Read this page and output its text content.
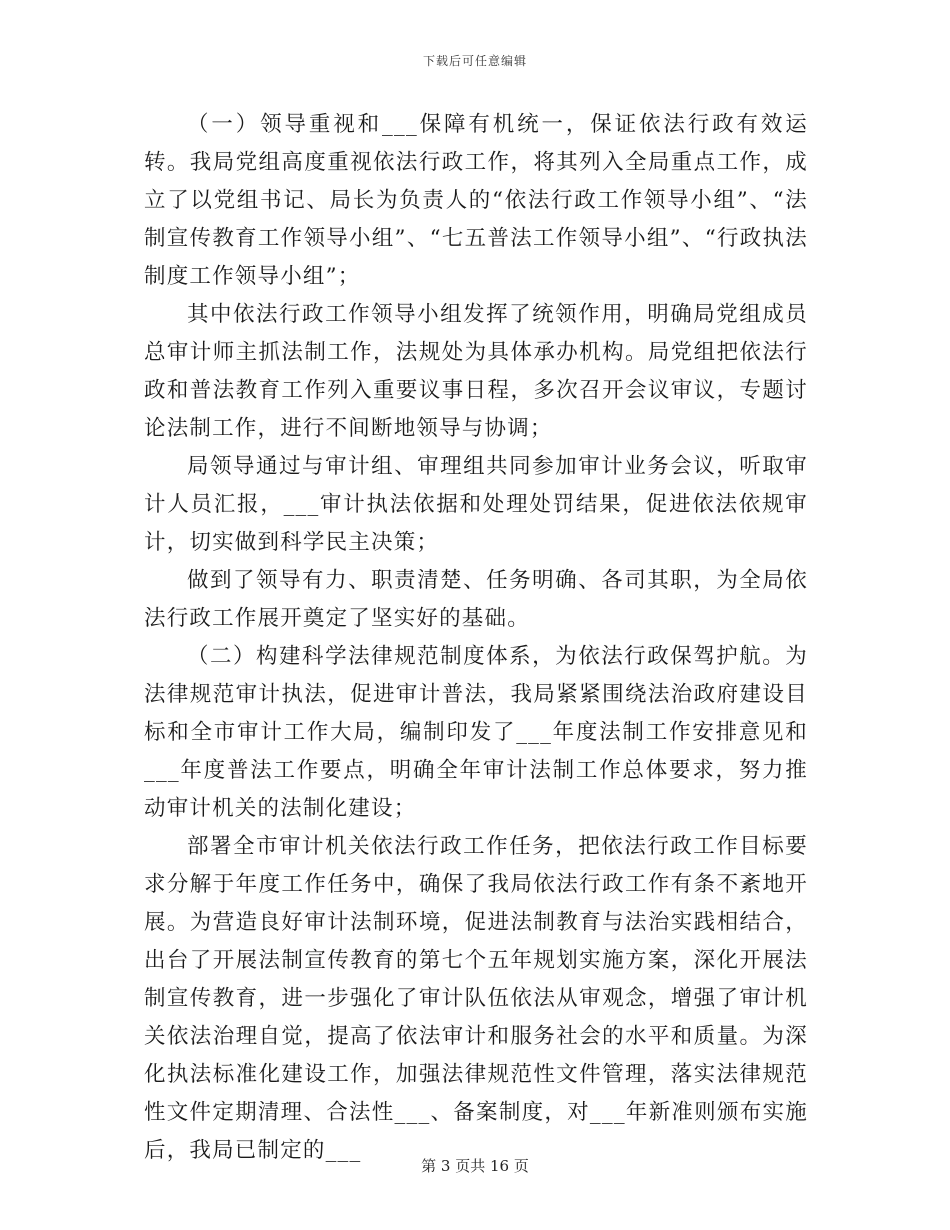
下载后可任意编辑

（一）领导重视和___保障有机统一，保证依法行政有效运转。我局党组高度重视依法行政工作，将其列入全局重点工作，成立了以党组书记、局长为负责人的“依法行政工作领导小组”、“法制宣传教育工作领导小组”、“七五普法工作领导小组”、“行政执法制度工作领导小组”；

其中依法行政工作领导小组发挥了统领作用，明确局党组成员总审计师主抓法制工作，法规处为具体承办机构。局党组把依法行政和普法教育工作列入重要议事日程，多次召开会议审议，专题讨论法制工作，进行不间断地领导与协调；

局领导通过与审计组、审理组共同参加审计业务会议，听取审计人员汇报，___审计执法依据和处理处罚结果，促进依法依规审计，切实做到科学民主决策；

做到了领导有力、职责清楚、任务明确、各司其职，为全局依法行政工作展开奠定了坚实好的基础。

（二）构建科学法律规范制度体系，为依法行政保驾护航。为法律规范审计执法，促进审计普法，我局紧紧围绕法治政府建设目标和全市审计工作大局，编制印发了___年度法制工作安排意见和___年度普法工作要点，明确全年审计法制工作总体要求，努力推动审计机关的法制化建设；

部署全市审计机关依法行政工作任务，把依法行政工作目标要求分解于年度工作任务中，确保了我局依法行政工作有条不紊地开展。为营造良好审计法制环境，促进法制教育与法治实践相结合，出台了开展法制宣传教育的第七个五年规划实施方案，深化开展法制宣传教育，进一步强化了审计队伍依法从审观念，增强了审计机关依法治理自觉，提高了依法审计和服务社会的水平和质量。为深化执法标准化建设工作，加强法律规范性文件管理，落实法律规范性文件定期清理、合法性___、备案制度，对___年新准则颁布实施后，我局已制定的___

第 3 页共 16 页
